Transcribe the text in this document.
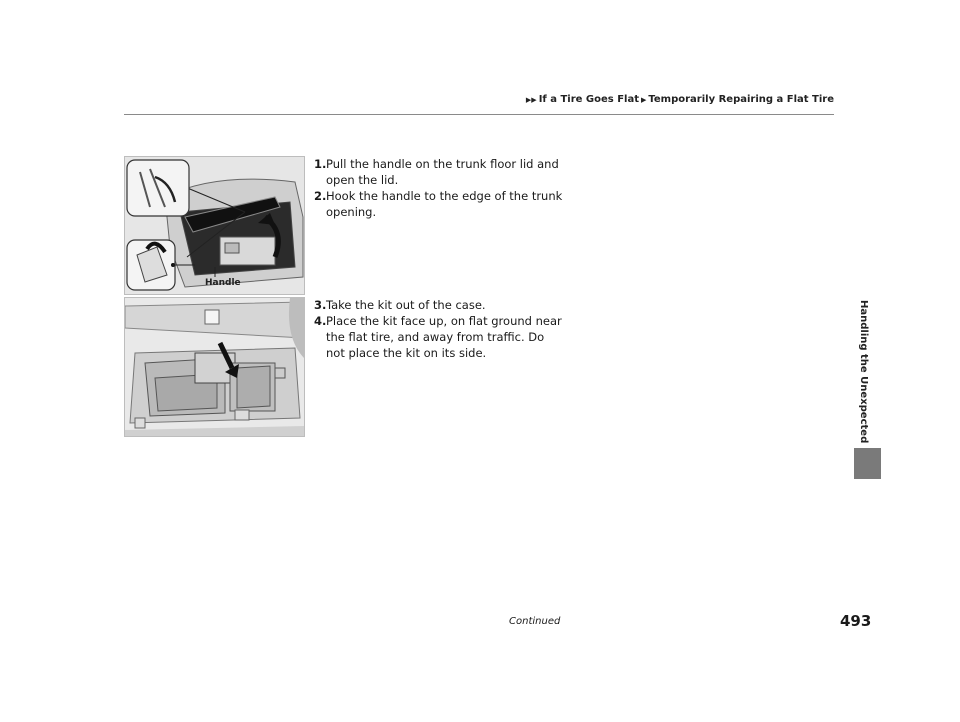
▶▶ If a Tire Goes Flat ▶ Temporarily Repairing a Flat Tire
Handling the Unexpected
Handle
1. Pull the handle on the trunk floor lid and open the lid.
2. Hook the handle to the edge of the trunk opening.
3. Take the kit out of the case.
4. Place the kit face up, on flat ground near the flat tire, and away from traffic. Do not place the kit on its side.
Continued	493
